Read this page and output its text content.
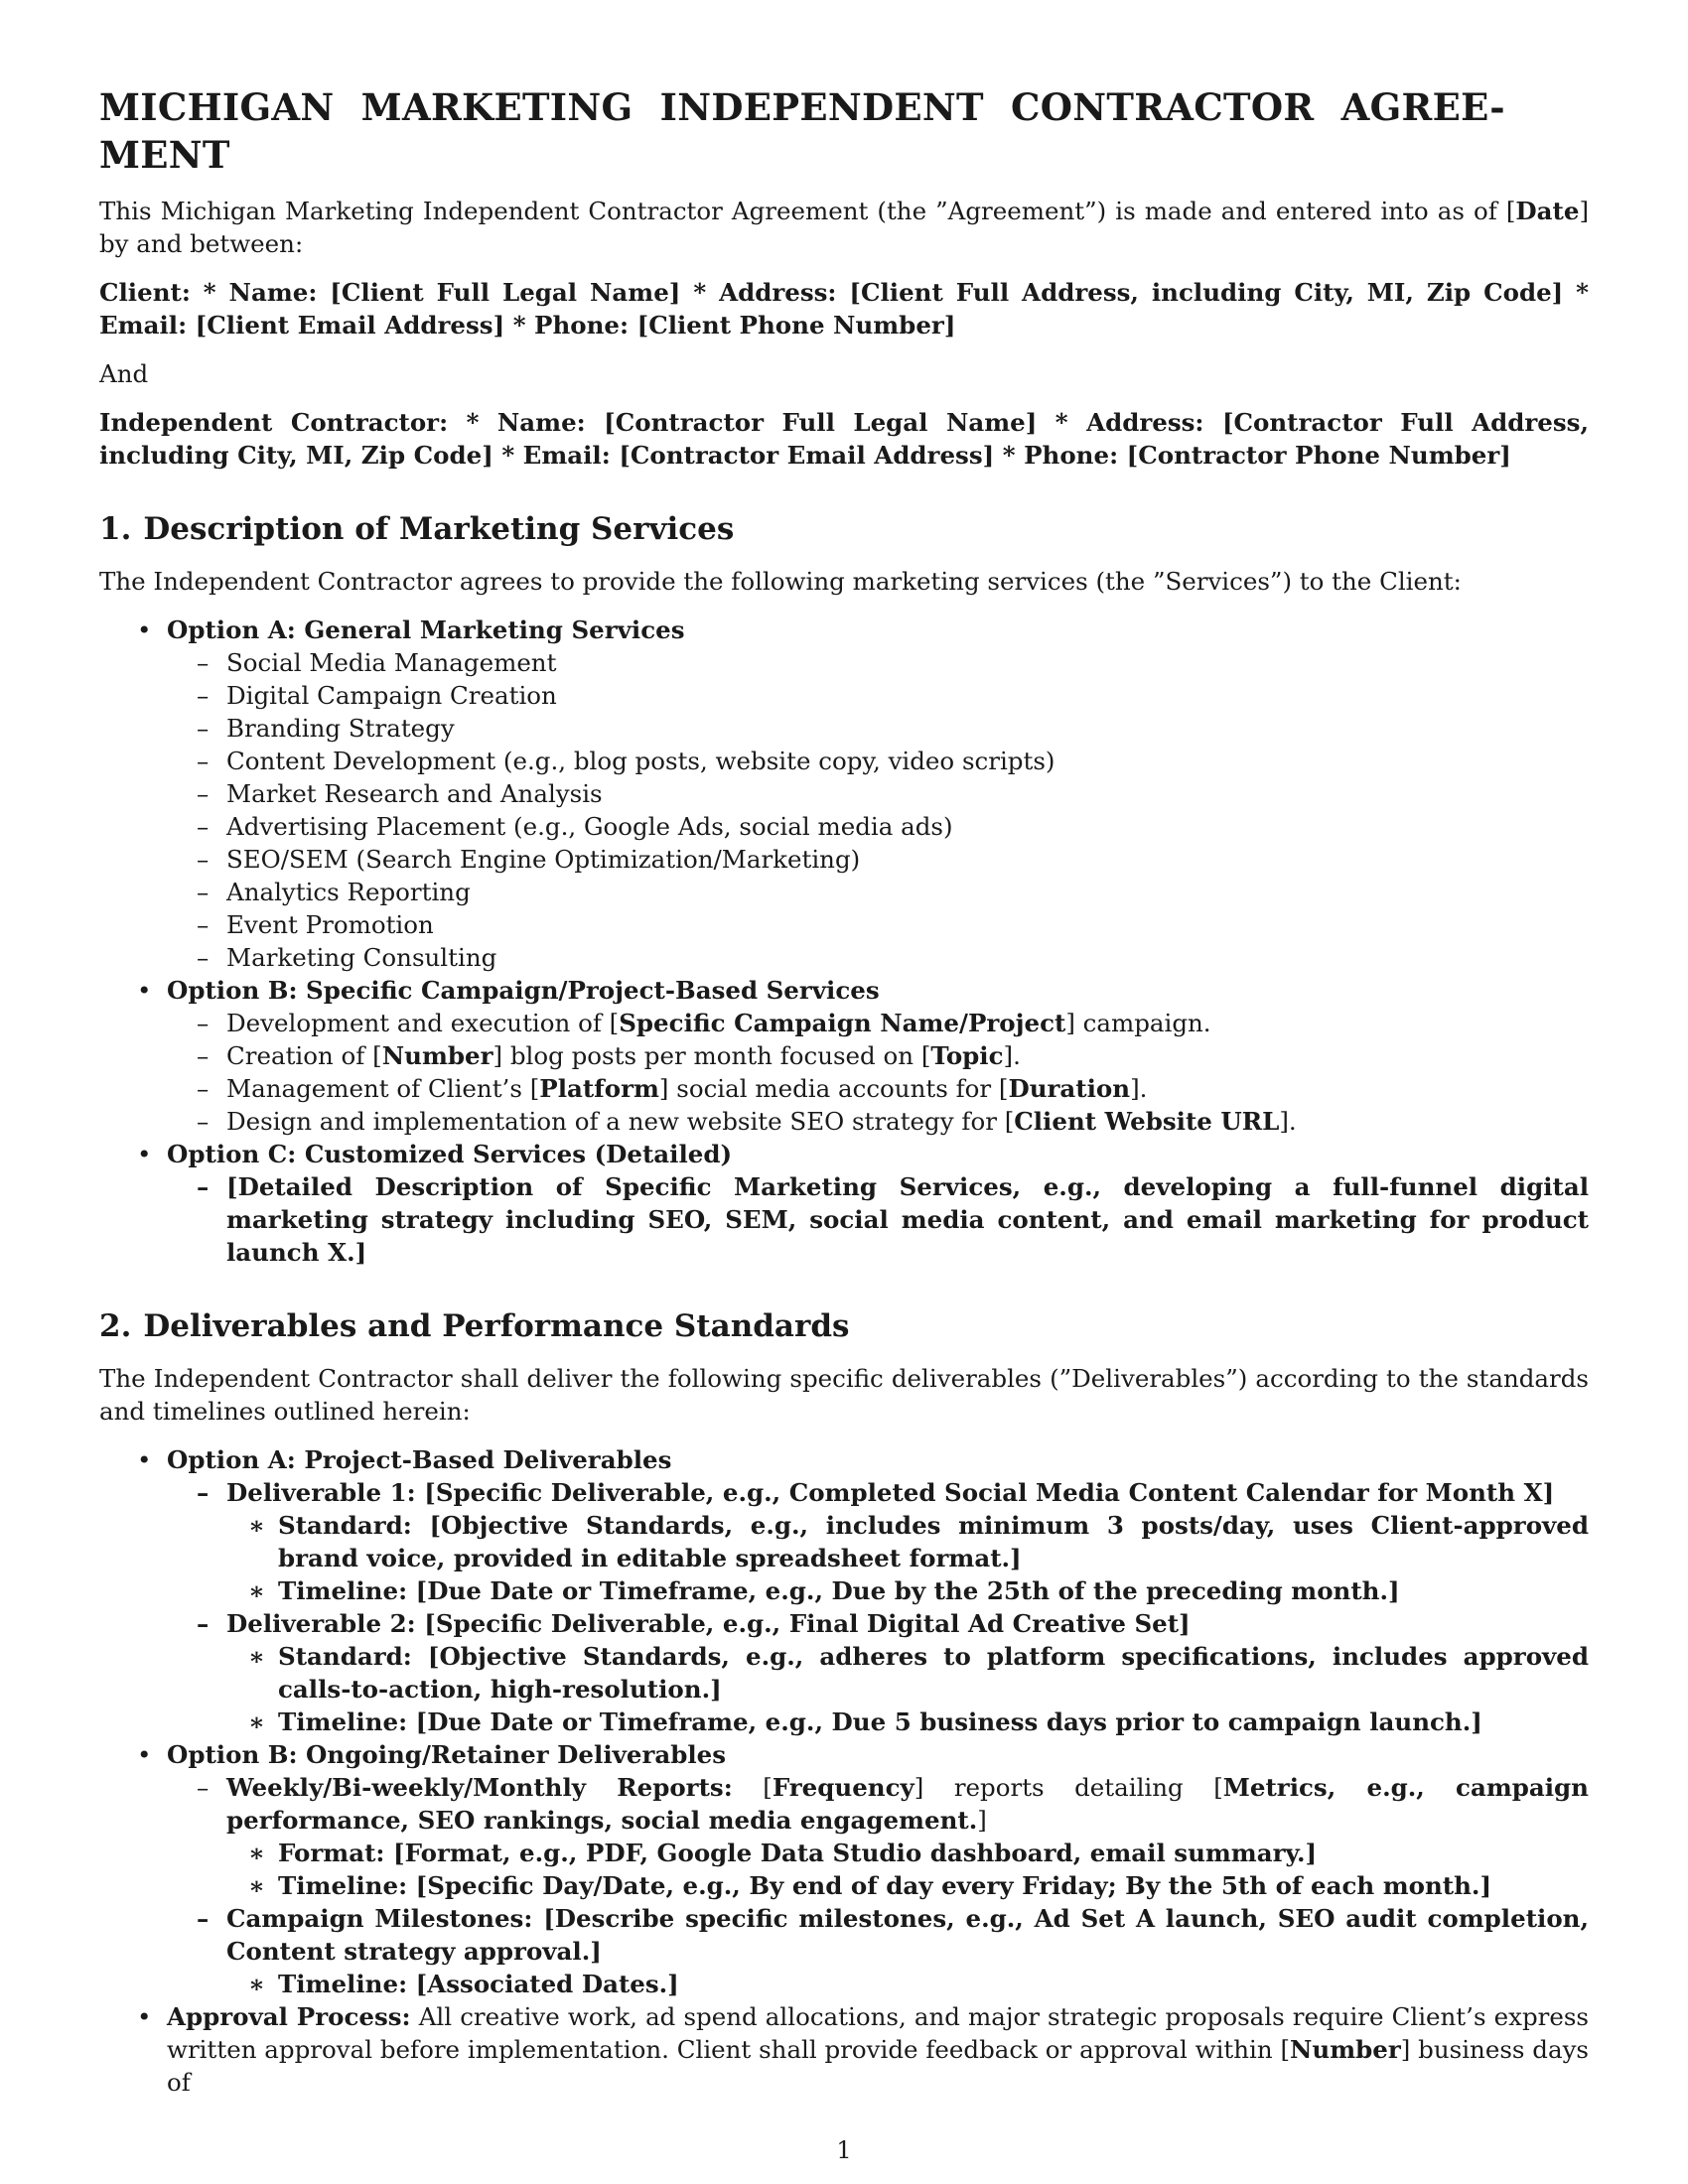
MICHIGAN MARKETING INDEPENDENT CONTRACTOR AGREE-
MENT

This Michigan Marketing Independent Contractor Agreement (the ”Agreement”) is made and entered into as of [Date] by and between:

Client: * Name: [Client Full Legal Name] * Address: [Client Full Address, including City, MI, Zip Code] * Email: [Client Email Address] * Phone: [Client Phone Number]

And

Independent Contractor: * Name: [Contractor Full Legal Name] * Address: [Contractor Full Address, including City, MI, Zip Code] * Email: [Contractor Email Address] * Phone: [Contractor Phone Number]

1. Description of Marketing Services

The Independent Contractor agrees to provide the following marketing services (the ”Services”) to the Client:

• Option A: General Marketing Services
– Social Media Management
– Digital Campaign Creation
– Branding Strategy
– Content Development (e.g., blog posts, website copy, video scripts)
– Market Research and Analysis
– Advertising Placement (e.g., Google Ads, social media ads)
– SEO/SEM (Search Engine Optimization/Marketing)
– Analytics Reporting
– Event Promotion
– Marketing Consulting
• Option B: Specific Campaign/Project-Based Services
– Development and execution of [Specific Campaign Name/Project] campaign.
– Creation of [Number] blog posts per month focused on [Topic].
– Management of Client’s [Platform] social media accounts for [Duration].
– Design and implementation of a new website SEO strategy for [Client Website URL].
• Option C: Customized Services (Detailed)
– [Detailed Description of Specific Marketing Services, e.g., developing a full-funnel digital marketing strategy including SEO, SEM, social media content, and email marketing for product launch X.]
2. Deliverables and Performance Standards

The Independent Contractor shall deliver the following specific deliverables (”Deliverables”) according to the standards and timelines outlined herein:

• Option A: Project-Based Deliverables
– Deliverable 1: [Specific Deliverable, e.g., Completed Social Media Content Calendar for Month X]
∗ Standard: [Objective Standards, e.g., includes minimum 3 posts/day, uses Client-approved brand voice, provided in editable spreadsheet format.]
∗ Timeline: [Due Date or Timeframe, e.g., Due by the 25th of the preceding month.]
– Deliverable 2: [Specific Deliverable, e.g., Final Digital Ad Creative Set]
∗ Standard: [Objective Standards, e.g., adheres to platform specifications, includes approved calls-to-action, high-resolution.]
∗ Timeline: [Due Date or Timeframe, e.g., Due 5 business days prior to campaign launch.]
• Option B: Ongoing/Retainer Deliverables
– Weekly/Bi-weekly/Monthly Reports: [Frequency] reports detailing [Metrics, e.g., campaign performance, SEO rankings, social media engagement.]
∗ Format: [Format, e.g., PDF, Google Data Studio dashboard, email summary.]
∗ Timeline: [Specific Day/Date, e.g., By end of day every Friday; By the 5th of each month.]
– Campaign Milestones: [Describe specific milestones, e.g., Ad Set A launch, SEO audit completion, Content strategy approval.]
∗ Timeline: [Associated Dates.]
• Approval Process: All creative work, ad spend allocations, and major strategic proposals require Client’s express written approval before implementation. Client shall provide feedback or approval within [Number] business days of
1
